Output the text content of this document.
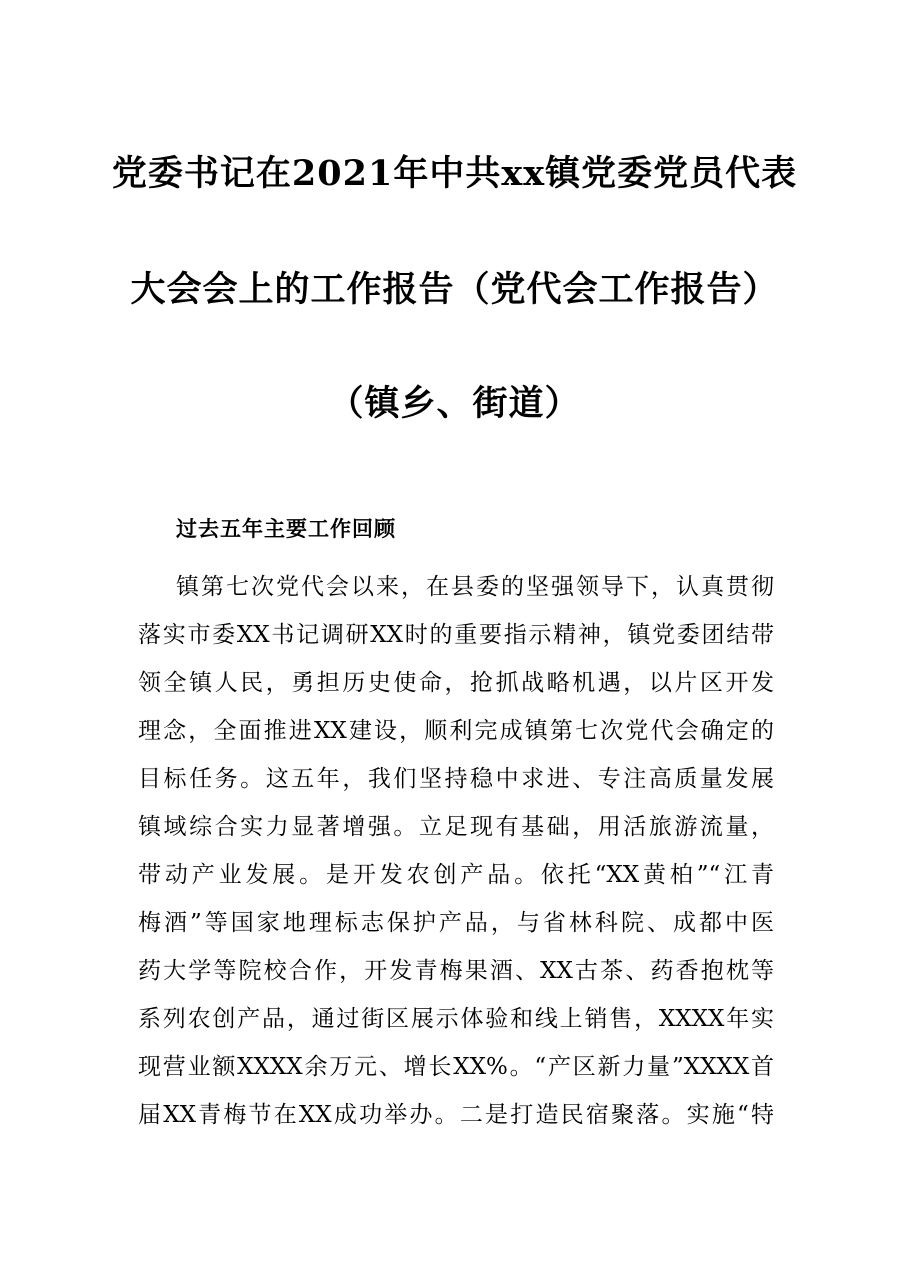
党委书记在2021年中共xx镇党委党员代表
大会会上的工作报告（党代会工作报告）
（镇乡、街道）
过去五年主要工作回顾
镇第七次党代会以来，在县委的坚强领导下，认真贯彻
落实市委XX书记调研XX时的重要指示精神，镇党委团结带
领全镇人民，勇担历史使命，抢抓战略机遇，以片区开发
理念，全面推进XX建设，顺利完成镇第七次党代会确定的
目标任务。这五年，我们坚持稳中求进、专注高质量发展
镇域综合实力显著增强。立足现有基础，用活旅游流量，
带动产业发展。是开发农创产品。依托“XX黄柏”“江青
梅酒”等国家地理标志保护产品，与省林科院、成都中医
药大学等院校合作，开发青梅果酒、XX古茶、药香抱枕等
系列农创产品，通过街区展示体验和线上销售，XXXX年实
现营业额XXXX余万元、增长XX%。“产区新力量”XXXX首
届XX青梅节在XX成功举办。二是打造民宿聚落。实施“特
